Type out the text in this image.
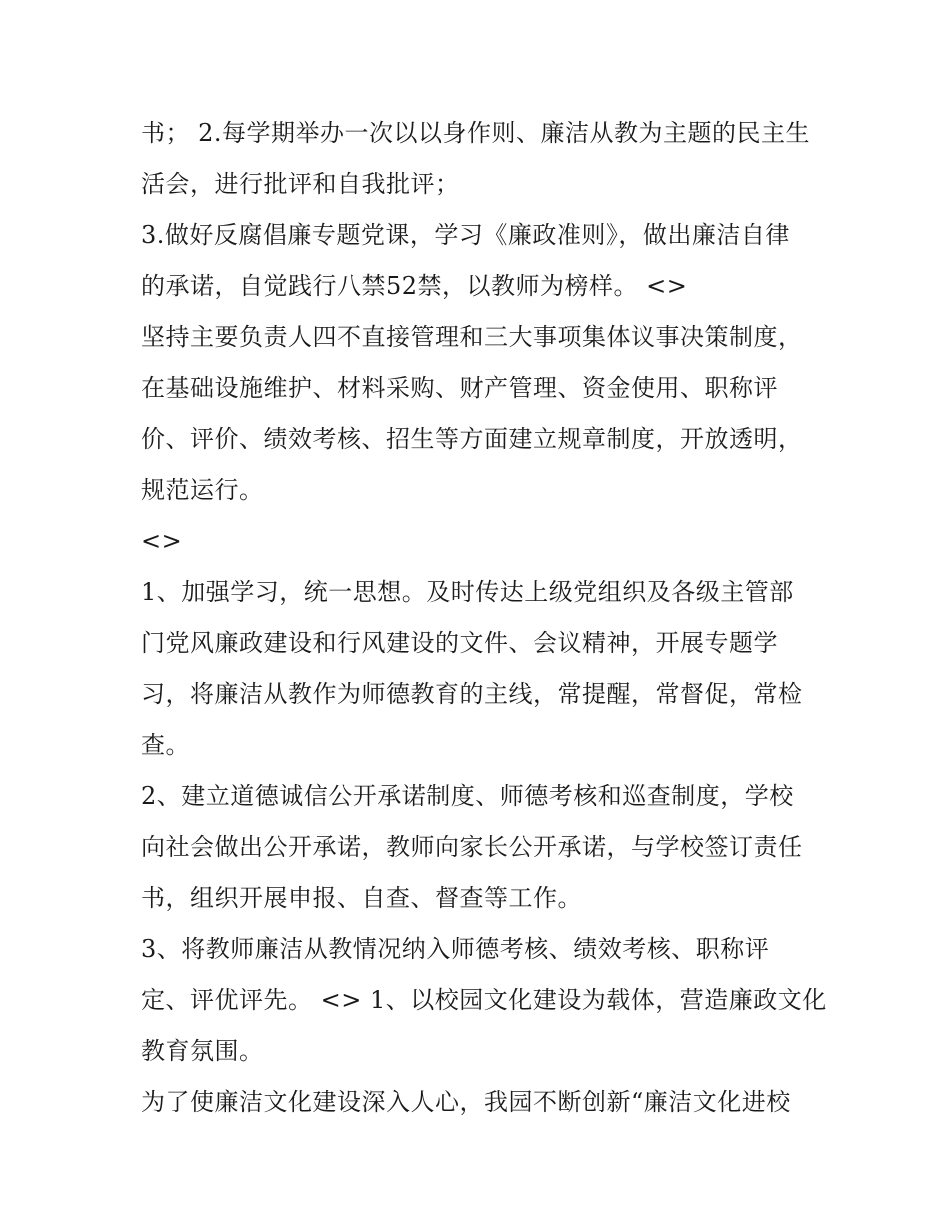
书； 2.每学期举办一次以以身作则、廉洁从教为主题的民主生
活会，进行批评和自我批评；
3.做好反腐倡廉专题党课，学习《廉政准则》，做出廉洁自律
的承诺，自觉践行八禁52禁，以教师为榜样。 <>
坚持主要负责人四不直接管理和三大事项集体议事决策制度，
在基础设施维护、材料采购、财产管理、资金使用、职称评
价、评价、绩效考核、招生等方面建立规章制度，开放透明，
规范运行。
<>
1、加强学习，统一思想。及时传达上级党组织及各级主管部
门党风廉政建设和行风建设的文件、会议精神，开展专题学
习，将廉洁从教作为师德教育的主线，常提醒，常督促，常检
查。
2、建立道德诚信公开承诺制度、师德考核和巡查制度，学校
向社会做出公开承诺，教师向家长公开承诺，与学校签订责任
书，组织开展申报、自查、督查等工作。
3、将教师廉洁从教情况纳入师德考核、绩效考核、职称评
定、评优评先。 <> 1、以校园文化建设为载体，营造廉政文化
教育氛围。
为了使廉洁文化建设深入人心，我园不断创新“廉洁文化进校
